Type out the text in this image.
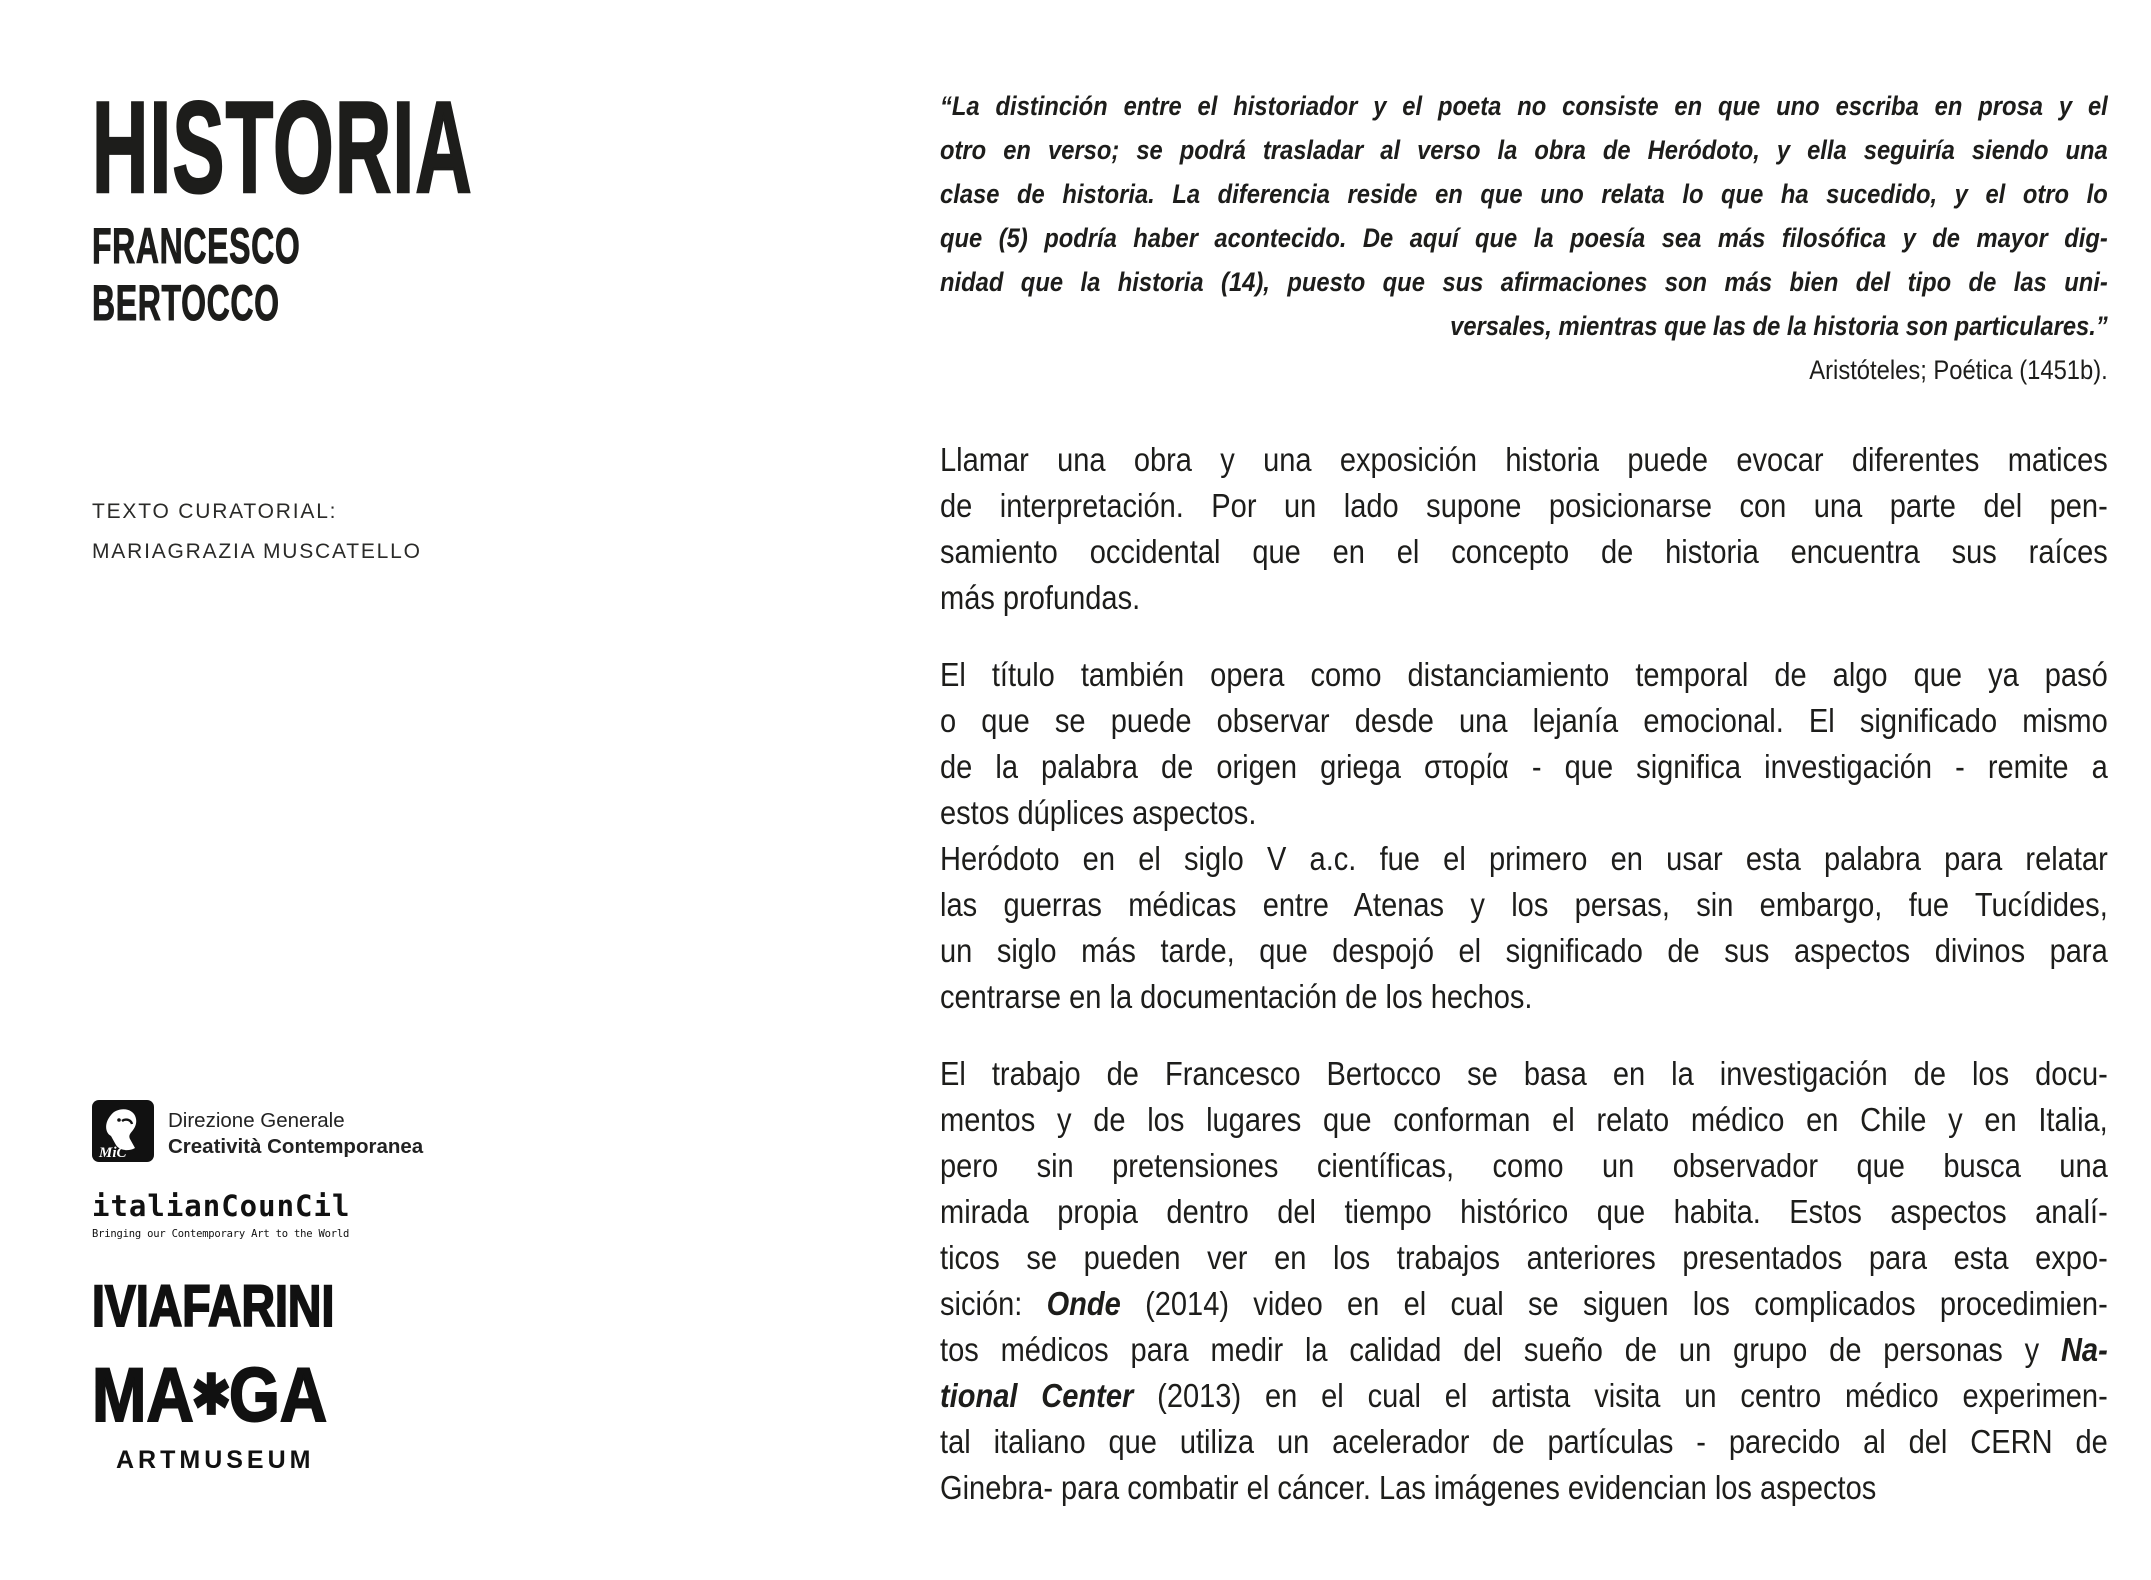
HISTORIA
FRANCESCO
BERTOCCO
TEXTO CURATORIAL:
MARIAGRAZIA MUSCATELLO
MiC
Direzione Generale
Creatività Contemporanea
italianCounCil
Bringing our Contemporary Art to the World
IVIAFARINI
MA✱GA
ARTMUSEUM
“La distinción entre el historiador y el poeta no consiste en que uno escriba en prosa y el
otro en verso; se podrá trasladar al verso la obra de Heródoto, y ella seguiría siendo una
clase de historia. La diferencia reside en que uno relata lo que ha sucedido, y el otro lo
que (5) podría haber acontecido. De aquí que la poesía sea más filosófica y de mayor dig-
nidad que la historia (14), puesto que sus afirmaciones son más bien del tipo de las uni-
versales, mientras que las de la historia son particulares.”
Aristóteles; Poética (1451b).
Llamar una obra y una exposición historia puede evocar diferentes matices
de interpretación. Por un lado supone posicionarse con una parte del pen-
samiento occidental que en el concepto de historia encuentra sus raíces
más profundas.
El título también opera como distanciamiento temporal de algo que ya pasó
o que se puede observar desde una lejanía emocional. El significado mismo
de la palabra de origen griega στορία - que significa investigación - remite a
estos dúplices aspectos.
Heródoto en el siglo V a.c. fue el primero en usar esta palabra para relatar
las guerras médicas entre Atenas y los persas, sin embargo, fue Tucídides,
un siglo más tarde, que despojó el significado de sus aspectos divinos para
centrarse en la documentación de los hechos.
El trabajo de Francesco Bertocco se basa en la investigación de los docu-
mentos y de los lugares que conforman el relato médico en Chile y en Italia,
pero sin pretensiones científicas, como un observador que busca una
mirada propia dentro del tiempo histórico que habita. Estos aspectos analí-
ticos se pueden ver en los trabajos anteriores presentados para esta expo-
sición: Onde (2014) video en el cual se siguen los complicados procedimien-
tos médicos para medir la calidad del sueño de un grupo de personas y Na-
tional Center (2013) en el cual el artista visita un centro médico experimen-
tal italiano que utiliza un acelerador de partículas - parecido al del CERN de
Ginebra- para combatir el cáncer. Las imágenes evidencian los aspectos
